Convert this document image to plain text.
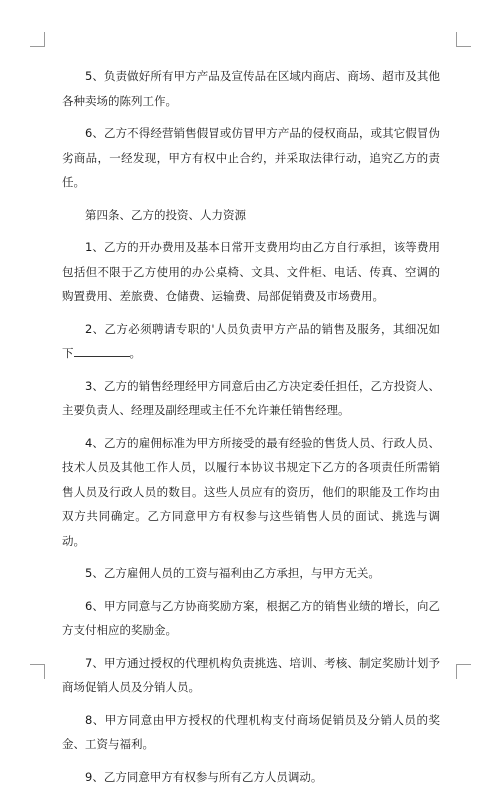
5、负责做好所有甲方产品及宣传品在区域内商店、商场、超市及其他各种卖场的陈列工作。

6、乙方不得经营销售假冒或仿冒甲方产品的侵权商品，或其它假冒伪劣商品，一经发现，甲方有权中止合约，并采取法律行动，追究乙方的责任。

第四条、乙方的投资、人力资源

1、乙方的开办费用及基本日常开支费用均由乙方自行承担，该等费用包括但不限于乙方使用的办公桌椅、文具、文件柜、电话、传真、空调的购置费用、差旅费、仓储费、运输费、局部促销费及市场费用。

2、乙方必须聘请专职的'人员负责甲方产品的销售及服务，其细况如下	。

3、乙方的销售经理经甲方同意后由乙方决定委任担任，乙方投资人、主要负责人、经理及副经理或主任不允许兼任销售经理。

4、乙方的雇佣标准为甲方所接受的最有经验的售货人员、行政人员、技术人员及其他工作人员，以履行本协议书规定下乙方的各项责任所需销售人员及行政人员的数目。这些人员应有的资历，他们的职能及工作均由双方共同确定。乙方同意甲方有权参与这些销售人员的面试、挑选与调动。

5、乙方雇佣人员的工资与福利由乙方承担，与甲方无关。

6、甲方同意与乙方协商奖励方案，根据乙方的销售业绩的增长，向乙方支付相应的奖励金。

7、甲方通过授权的代理机构负责挑选、培训、考核、制定奖励计划予商场促销人员及分销人员。

8、甲方同意由甲方授权的代理机构支付商场促销员及分销人员的奖金、工资与福利。

9、乙方同意甲方有权参与所有乙方人员调动。
